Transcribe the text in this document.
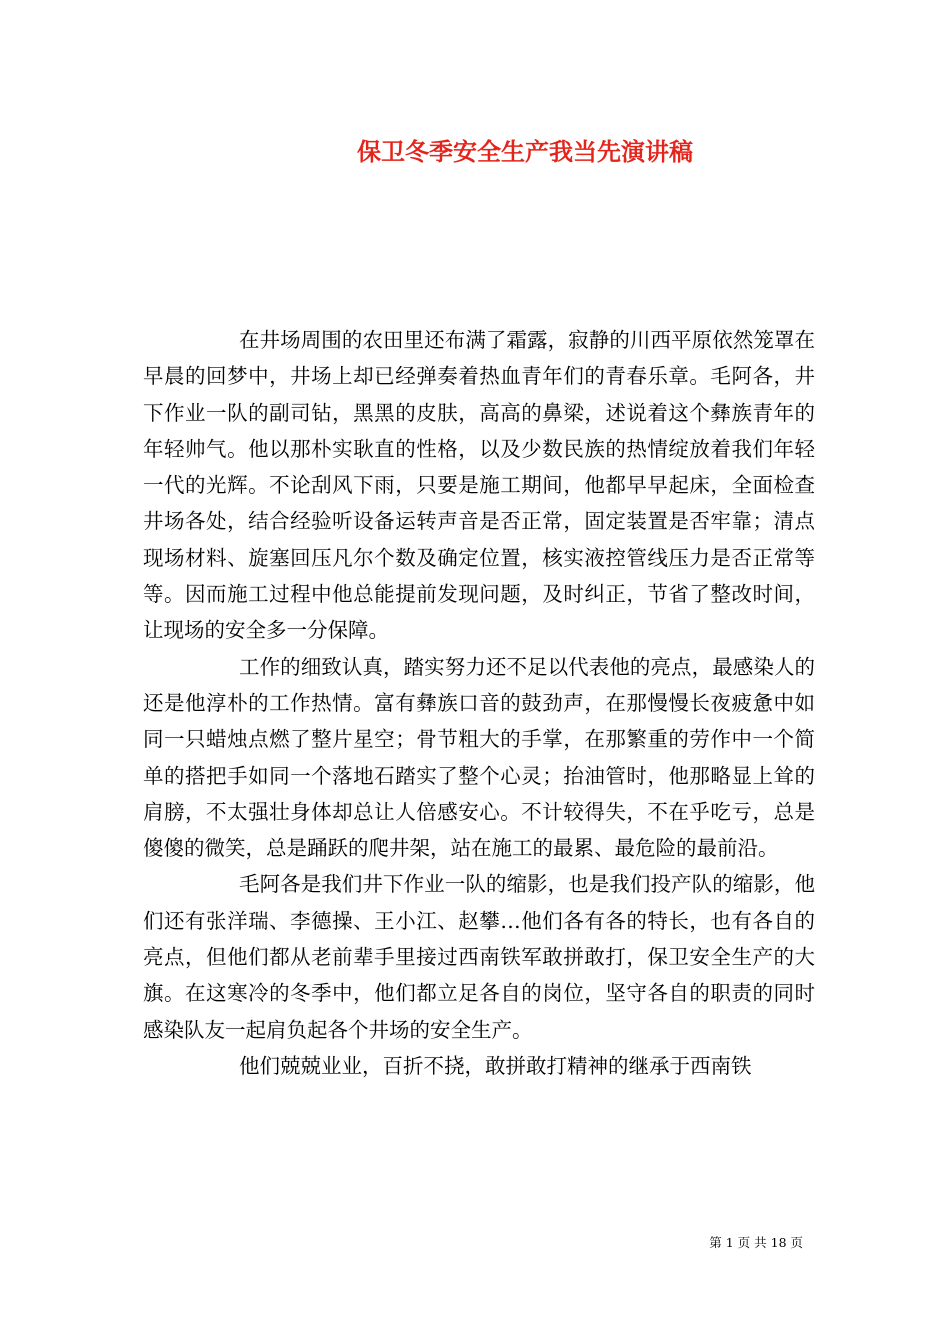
保卫冬季安全生产我当先演讲稿

在井场周围的农田里还布满了霜露，寂静的川西平原依然笼罩在早晨的回梦中，井场上却已经弹奏着热血青年们的青春乐章。毛阿各，井下作业一队的副司钻，黑黑的皮肤，高高的鼻梁，述说着这个彝族青年的年轻帅气。他以那朴实耿直的性格，以及少数民族的热情绽放着我们年轻一代的光辉。不论刮风下雨，只要是施工期间，他都早早起床，全面检查井场各处，结合经验听设备运转声音是否正常，固定装置是否牢靠；清点现场材料、旋塞回压凡尔个数及确定位置，核实液控管线压力是否正常等等。因而施工过程中他总能提前发现问题，及时纠正，节省了整改时间，让现场的安全多一分保障。

工作的细致认真，踏实努力还不足以代表他的亮点，最感染人的还是他淳朴的工作热情。富有彝族口音的鼓劲声，在那慢慢长夜疲惫中如同一只蜡烛点燃了整片星空；骨节粗大的手掌，在那繁重的劳作中一个简单的搭把手如同一个落地石踏实了整个心灵；抬油管时，他那略显上耸的肩膀，不太强壮身体却总让人倍感安心。不计较得失，不在乎吃亏，总是傻傻的微笑，总是踊跃的爬井架，站在施工的最累、最危险的最前沿。

毛阿各是我们井下作业一队的缩影，也是我们投产队的缩影，他们还有张洋瑞、李德操、王小江、赵攀…他们各有各的特长，也有各自的亮点，但他们都从老前辈手里接过西南铁军敢拼敢打，保卫安全生产的大旗。在这寒冷的冬季中，他们都立足各自的岗位，坚守各自的职责的同时感染队友一起肩负起各个井场的安全生产。

他们兢兢业业，百折不挠，敢拼敢打精神的继承于西南铁

第 1 页 共 18 页
